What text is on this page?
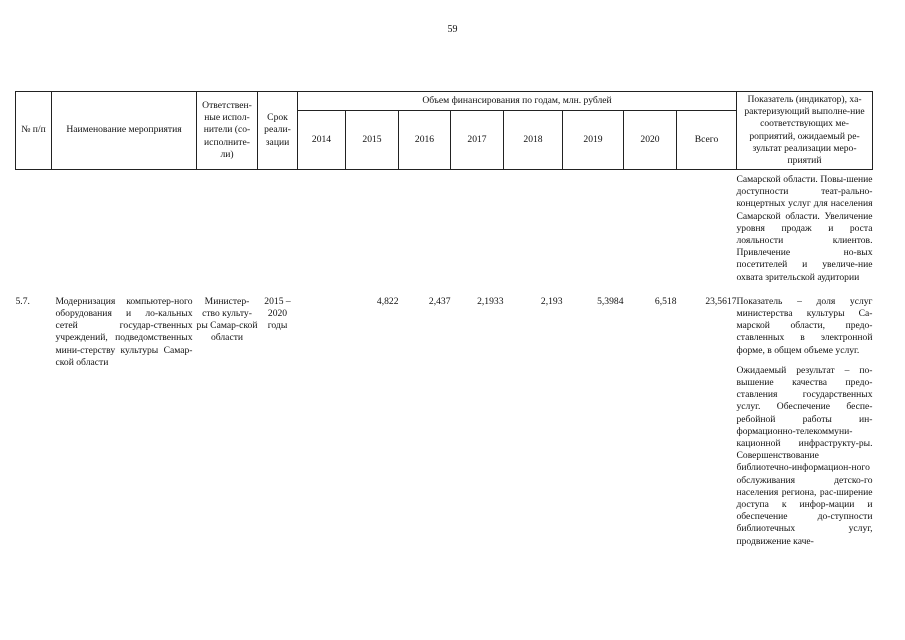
59
№ п/п	Наименование мероприятия	Ответствен-ные испол-нители (со-исполните-ли)	Срок реали-зации	Объем финансирования по годам, млн. рублей								Показатель (индикатор), ха-рактеризующий выполне-ние соответствующих ме-роприятий, ожидаемый ре-зультат реализации меро-приятий
				2014	2015	2016	2017	2018	2019	2020	Всего	

												Самарской области. Повы-шение доступности теат-рально-концертных услуг для населения Самарской области. Увеличение уровня продаж и роста лояльности клиентов. Привлечение но-вых посетителей и увеличе-ние охвата зрительской аудитории
5.7.	Модернизация компьютер-ного оборудования и ло-кальных сетей государ-ственных учреждений, подведомственных мини-стерству культуры Самар-ской области	Министер-ство культу-ры Самар-ской области	2015 – 2020 годы		4,822	2,437	2,1933	2,193	5,3984	6,518	23,5617	Показатель – доля услуг министерства культуры Са-марской области, предо-ставленных в электронной форме, в общем объеме услуг.
Ожидаемый результат – по-вышение качества предо-ставления государственных услуг. Обеспечение беспе-ребойной работы ин-формационно-телекоммуни-кационной инфраструкту-ры. Совершенствование библиотечно-информацион-ного обслуживания детско-го населения региона, рас-ширение доступа к инфор-мации и обеспечение до-ступности библиотечных услуг, продвижение каче-
